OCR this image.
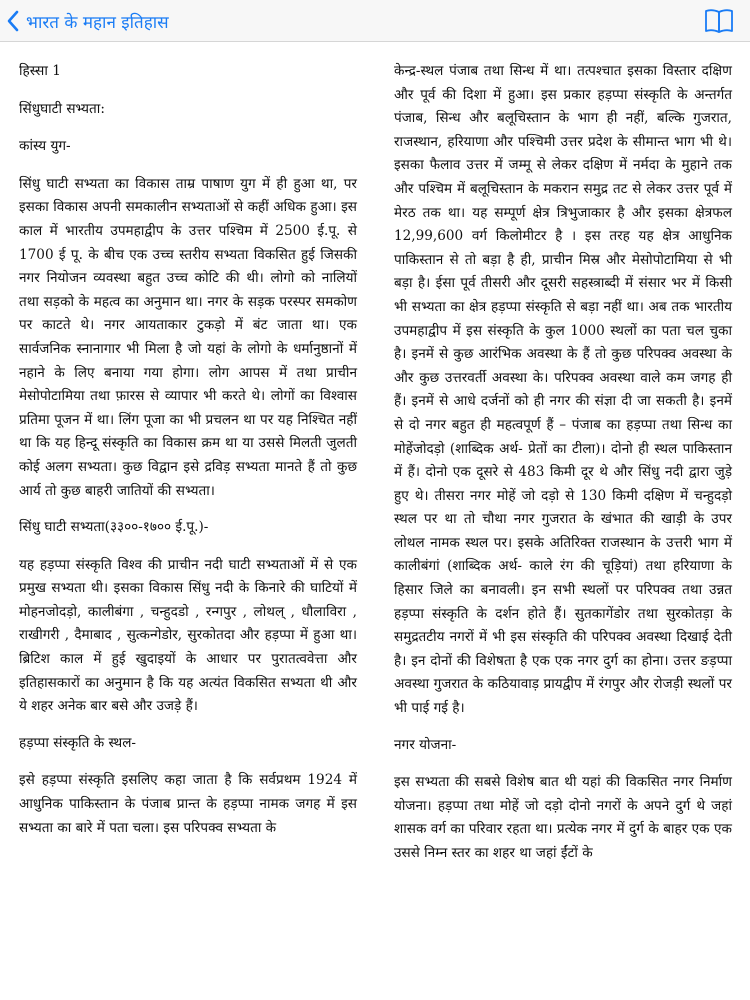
भारत के महान इतिहास

हिस्सा 1

सिंधुघाटी सभ्यता:

कांस्य युग-

सिंधु घाटी सभ्यता का विकास ताम्र पाषाण युग में ही हुआ था, पर इसका विकास अपनी समकालीन सभ्यताओं से कहीं अधिक हुआ। इस काल में भारतीय उपमहाद्वीप के उत्तर पश्चिम में 2500 ई.पू. से 1700 ई पू. के बीच एक उच्च स्तरीय सभ्यता विकसित हुई जिसकी नगर नियोजन व्यवस्था बहुत उच्च कोटि की थी। लोगो को नालियों तथा सड़को के महत्व का अनुमान था। नगर के सड़क परस्पर समकोण पर काटते थे। नगर आयताकार टुकड़ो में बंट जाता था। एक सार्वजनिक स्नानागार भी मिला है जो यहां के लोगो के धर्मानुष्ठानों में नहाने के लिए बनाया गया होगा। लोग आपस में तथा प्राचीन मेसोपोटामिया तथा फ़ारस से व्यापार भी करते थे। लोगों का विश्वास प्रतिमा पूजन में था। लिंग पूजा का भी प्रचलन था पर यह निश्चित नहीं था कि यह हिन्दू संस्कृति का विकास क्रम था या उससे मिलती जुलती कोई अलग सभ्यता। कुछ विद्वान इसे द्रविड़ सभ्यता मानते हैं तो कुछ आर्य तो कुछ बाहरी जातियों की सभ्यता।

सिंधु घाटी सभ्यता(३३००-१७०० ई.पू.)-

यह हड़प्पा संस्कृति विश्व की प्राचीन नदी घाटी सभ्यताओं में से एक प्रमुख सभ्यता थी। इसका विकास सिंधु नदी के किनारे की घाटियों में मोहनजोदड़ो, कालीबंगा , चन्हुदडो , रन्गपुर , लोथल् , धौलाविरा , राखीगरी , दैमाबाद , सुत्कन्गेडोर, सुरकोतदा और हड़प्पा में हुआ था। ब्रिटिश काल में हुई खुदाइयों के आधार पर पुरातत्ववेत्ता और इतिहासकारों का अनुमान है कि यह अत्यंत विकसित सभ्यता थी और ये शहर अनेक बार बसे और उजड़े हैं।

हड़प्पा संस्कृति के स्थल-

इसे हड़प्पा संस्कृति इसलिए कहा जाता है कि सर्वप्रथम 1924 में आधुनिक पाकिस्तान के पंजाब प्रान्त के हड़प्पा नामक जगह में इस सभ्यता का बारे में पता चला। इस परिपक्व सभ्यता के

केन्द्र-स्थल पंजाब तथा सिन्ध में था। तत्पश्चात इसका विस्तार दक्षिण और पूर्व की दिशा में हुआ। इस प्रकार हड़प्पा संस्कृति के अन्तर्गत पंजाब, सिन्ध और बलूचिस्तान के भाग ही नहीं, बल्कि गुजरात, राजस्थान, हरियाणा और पश्चिमी उत्तर प्रदेश के सीमान्त भाग भी थे। इसका फैलाव उत्तर में जम्मू से लेकर दक्षिण में नर्मदा के मुहाने तक और पश्चिम में बलूचिस्तान के मकरान समुद्र तट से लेकर उत्तर पूर्व में मेरठ तक था। यह सम्पूर्ण क्षेत्र त्रिभुजाकार है और इसका क्षेत्रफल 12,99,600 वर्ग किलोमीटर है । इस तरह यह क्षेत्र आधुनिक पाकिस्तान से तो बड़ा है ही, प्राचीन मिस्र और मेसोपोटामिया से भी बड़ा है। ईसा पूर्व तीसरी और दूसरी सहस्त्राब्दी में संसार भर में किसी भी सभ्यता का क्षेत्र हड़प्पा संस्कृति से बड़ा नहीं था। अब तक भारतीय उपमहाद्वीप में इस संस्कृति के कुल 1000 स्थलों का पता चल चुका है। इनमें से कुछ आरंभिक अवस्था के हैं तो कुछ परिपक्व अवस्था के और कुछ उत्तरवर्ती अवस्था के। परिपक्व अवस्था वाले कम जगह ही हैं। इनमें से आधे दर्जनों को ही नगर की संज्ञा दी जा सकती है। इनमें से दो नगर बहुत ही महत्वपूर्ण हैं – पंजाब का हड़प्पा तथा सिन्ध का मोहेंजोदड़ो (शाब्दिक अर्थ- प्रेतों का टीला)। दोनो ही स्थल पाकिस्तान में हैं। दोनो एक दूसरे से 483 किमी दूर थे और सिंधु नदी द्वारा जुड़े हुए थे। तीसरा नगर मोहें जो दड़ो से 130 किमी दक्षिण में चन्हुदड़ो स्थल पर था तो चौथा नगर गुजरात के खंभात की खाड़ी के उपर लोथल नामक स्थल पर। इसके अतिरिक्त राजस्थान के उत्तरी भाग में कालीबंगां (शाब्दिक अर्थ- काले रंग की चूड़ियां) तथा हरियाणा के हिसार जिले का बनावली। इन सभी स्थलों पर परिपक्व तथा उन्नत हड़प्पा संस्कृति के दर्शन होते हैं। सुतकागेंडोर तथा सुरकोतड़ा के समुद्रतटीय नगरों में भी इस संस्कृति की परिपक्व अवस्था दिखाई देती है। इन दोनों की विशेषता है एक एक नगर दुर्ग का होना। उत्तर ङड़प्पा अवस्था गुजरात के कठियावाड़ प्रायद्वीप में रंगपुर और रोजड़ी स्थलों पर भी पाई गई है।

नगर योजना-

इस सभ्यता की सबसे विशेष बात थी यहां की विकसित नगर निर्माण योजना। हड़प्पा तथा मोहें जो दड़ो दोनो नगरों के अपने दुर्ग थे जहां शासक वर्ग का परिवार रहता था। प्रत्येक नगर में दुर्ग के बाहर एक एक उससे निम्न स्तर का शहर था जहां ईंटों के
